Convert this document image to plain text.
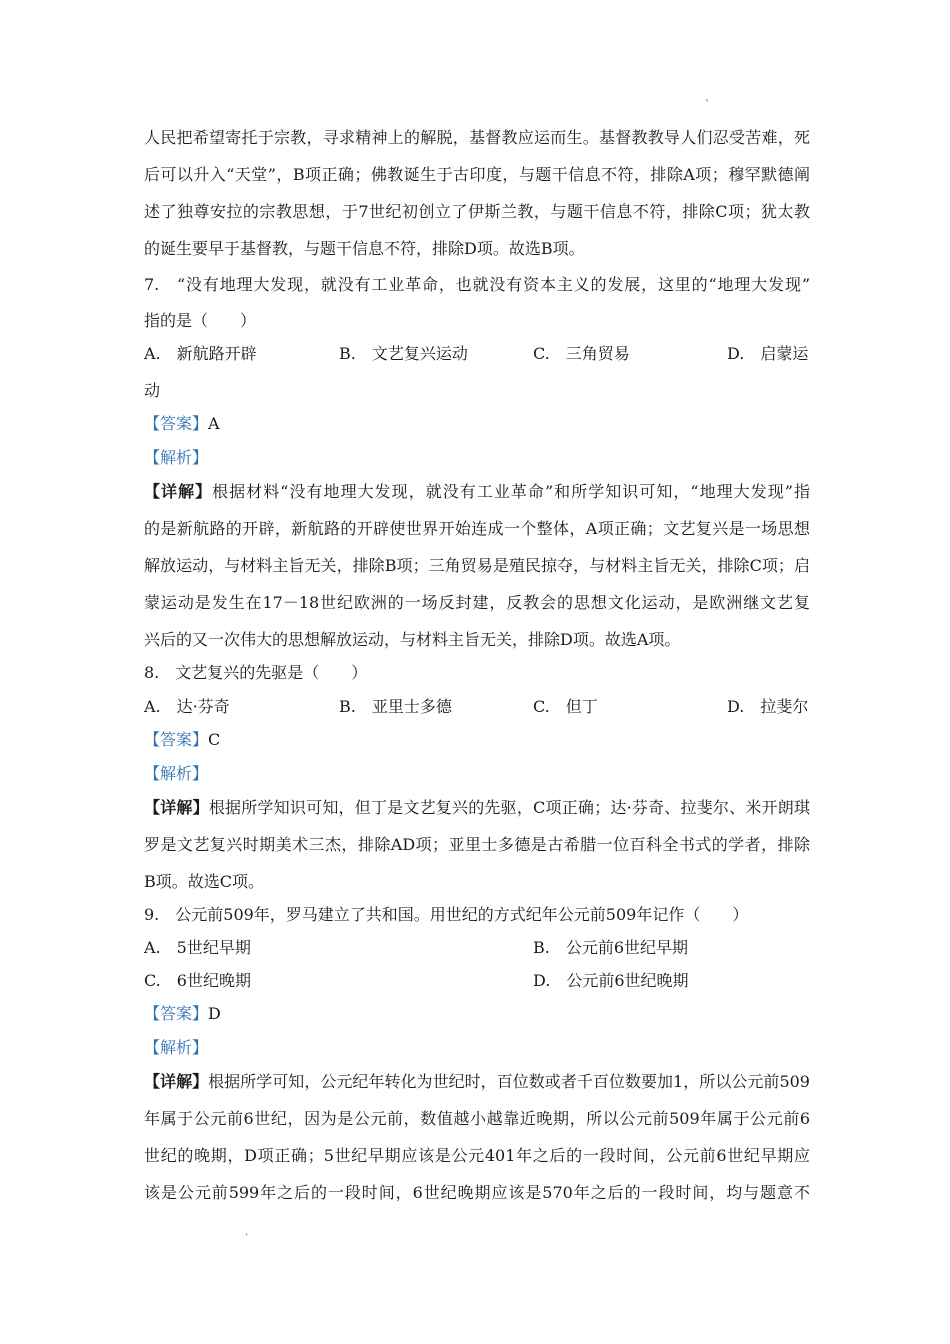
、
人民把希望寄托于宗教，寻求精神上的解脱，基督教应运而生。基督教教导人们忍受苦难，死
后可以升入“天堂”，B项正确；佛教诞生于古印度，与题干信息不符，排除A项；穆罕默德阐
述了独尊安拉的宗教思想，于7世纪初创立了伊斯兰教，与题干信息不符，排除C项；犹太教
的诞生要早于基督教，与题干信息不符，排除D项。故选B项。
7.　“没有地理大发现，就没有工业革命，也就没有资本主义的发展，这里的“地理大发现”
指的是（　　）
A.　新航路开辟	B.　文艺复兴运动	C.　三角贸易	D.　启蒙运
动
【答案】A
【解析】
【详解】根据材料“没有地理大发现，就没有工业革命”和所学知识可知，“地理大发现”指
的是新航路的开辟，新航路的开辟使世界开始连成一个整体，A项正确；文艺复兴是一场思想
解放运动，与材料主旨无关，排除B项；三角贸易是殖民掠夺，与材料主旨无关，排除C项；启
蒙运动是发生在17－18世纪欧洲的一场反封建，反教会的思想文化运动，是欧洲继文艺复
兴后的又一次伟大的思想解放运动，与材料主旨无关，排除D项。故选A项。
8.　文艺复兴的先驱是（　　）
A.　达·芬奇	B.　亚里士多德	C.　但丁	D.　拉斐尔
【答案】C
【解析】
【详解】根据所学知识可知，但丁是文艺复兴的先驱，C项正确；达·芬奇、拉斐尔、米开朗琪
罗是文艺复兴时期美术三杰，排除AD项；亚里士多德是古希腊一位百科全书式的学者，排除
B项。故选C项。
9.　公元前509年，罗马建立了共和国。用世纪的方式纪年公元前509年记作（　　）
A.　5世纪早期	B.　公元前6世纪早期
C.　6世纪晚期	D.　公元前6世纪晚期
【答案】D
【解析】
【详解】根据所学可知，公元纪年转化为世纪时，百位数或者千百位数要加1，所以公元前509
年属于公元前6世纪，因为是公元前，数值越小越靠近晚期，所以公元前509年属于公元前6
世纪的晚期，D项正确；5世纪早期应该是公元401年之后的一段时间，公元前6世纪早期应
该是公元前599年之后的一段时间，6世纪晚期应该是570年之后的一段时间，均与题意不
.
